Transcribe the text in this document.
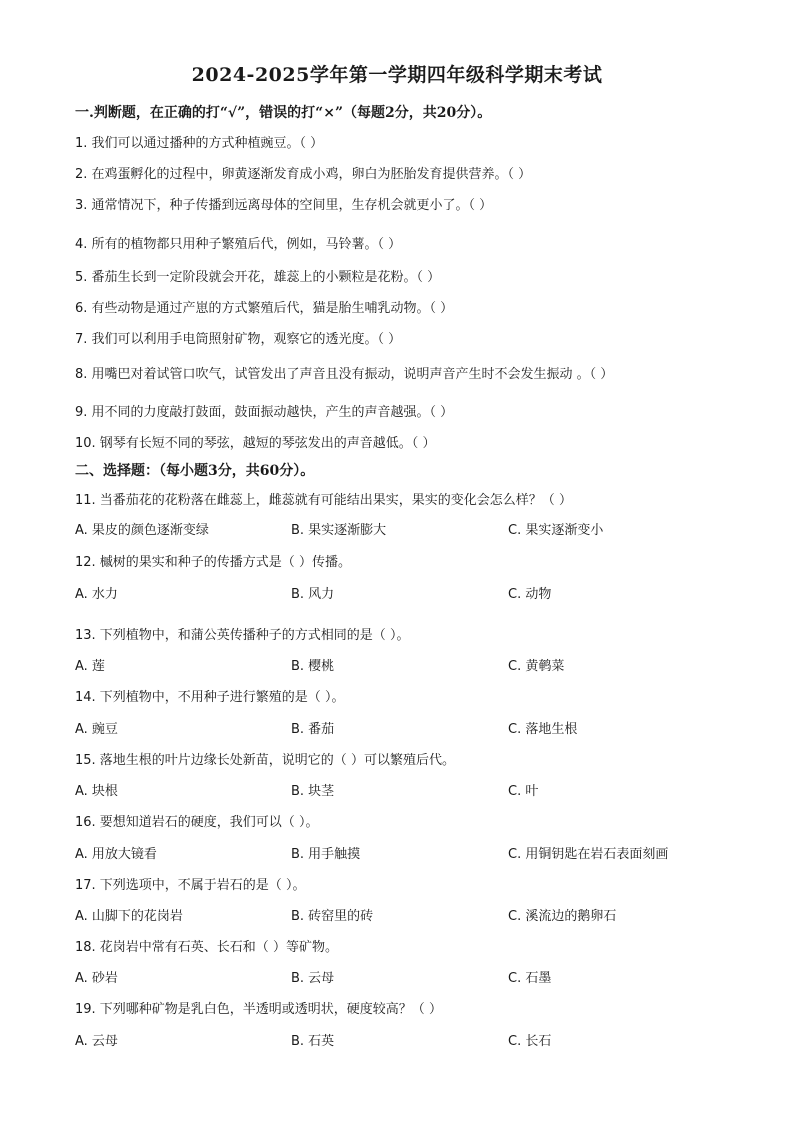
2024-2025学年第一学期四年级科学期末考试
一.判断题，在正确的打“√”，错误的打“×”（每题2分，共20分）。
1. 我们可以通过播种的方式种植豌豆。（ ）
2. 在鸡蛋孵化的过程中，卵黄逐渐发育成小鸡，卵白为胚胎发育提供营养。（ ）
3. 通常情况下，种子传播到远离母体的空间里，生存机会就更小了。（ ）
4. 所有的植物都只用种子繁殖后代，例如，马铃薯。（ ）
5. 番茄生长到一定阶段就会开花，雄蕊上的小颗粒是花粉。（ ）
6. 有些动物是通过产崽的方式繁殖后代，猫是胎生哺乳动物。（ ）
7. 我们可以利用手电筒照射矿物，观察它的透光度。（ ）
8. 用嘴巴对着试管口吹气，试管发出了声音且没有振动，说明声音产生时不会发生振动 。（ ）
9. 用不同的力度敲打鼓面，鼓面振动越快，产生的声音越强。（ ）
10. 钢琴有长短不同的琴弦，越短的琴弦发出的声音越低。（ ）
二、选择题：（每小题3分，共60分）。
11. 当番茄花的花粉落在雌蕊上，雌蕊就有可能结出果实，果实的变化会怎么样？（ ）
A. 果皮的颜色逐渐变绿	B. 果实逐渐膨大	C. 果实逐渐变小
12. 槭树的果实和种子的传播方式是（ ）传播。
A. 水力	B. 风力	C. 动物
13. 下列植物中，和蒲公英传播种子的方式相同的是（ ）。
A. 莲	B. 樱桃	C. 黄鹌菜
14. 下列植物中，不用种子进行繁殖的是（ ）。
A. 豌豆	B. 番茄	C. 落地生根
15. 落地生根的叶片边缘长处新苗，说明它的（ ）可以繁殖后代。
A. 块根	B. 块茎	C. 叶
16. 要想知道岩石的硬度，我们可以（ ）。
A. 用放大镜看	B. 用手触摸	C. 用铜钥匙在岩石表面刻画
17. 下列选项中，不属于岩石的是（ ）。
A. 山脚下的花岗岩	B. 砖窑里的砖	C. 溪流边的鹅卵石
18. 花岗岩中常有石英、长石和（ ）等矿物。
A. 砂岩	B. 云母	C. 石墨
19. 下列哪种矿物是乳白色，半透明或透明状，硬度较高？（ ）
A. 云母	B. 石英	C. 长石
